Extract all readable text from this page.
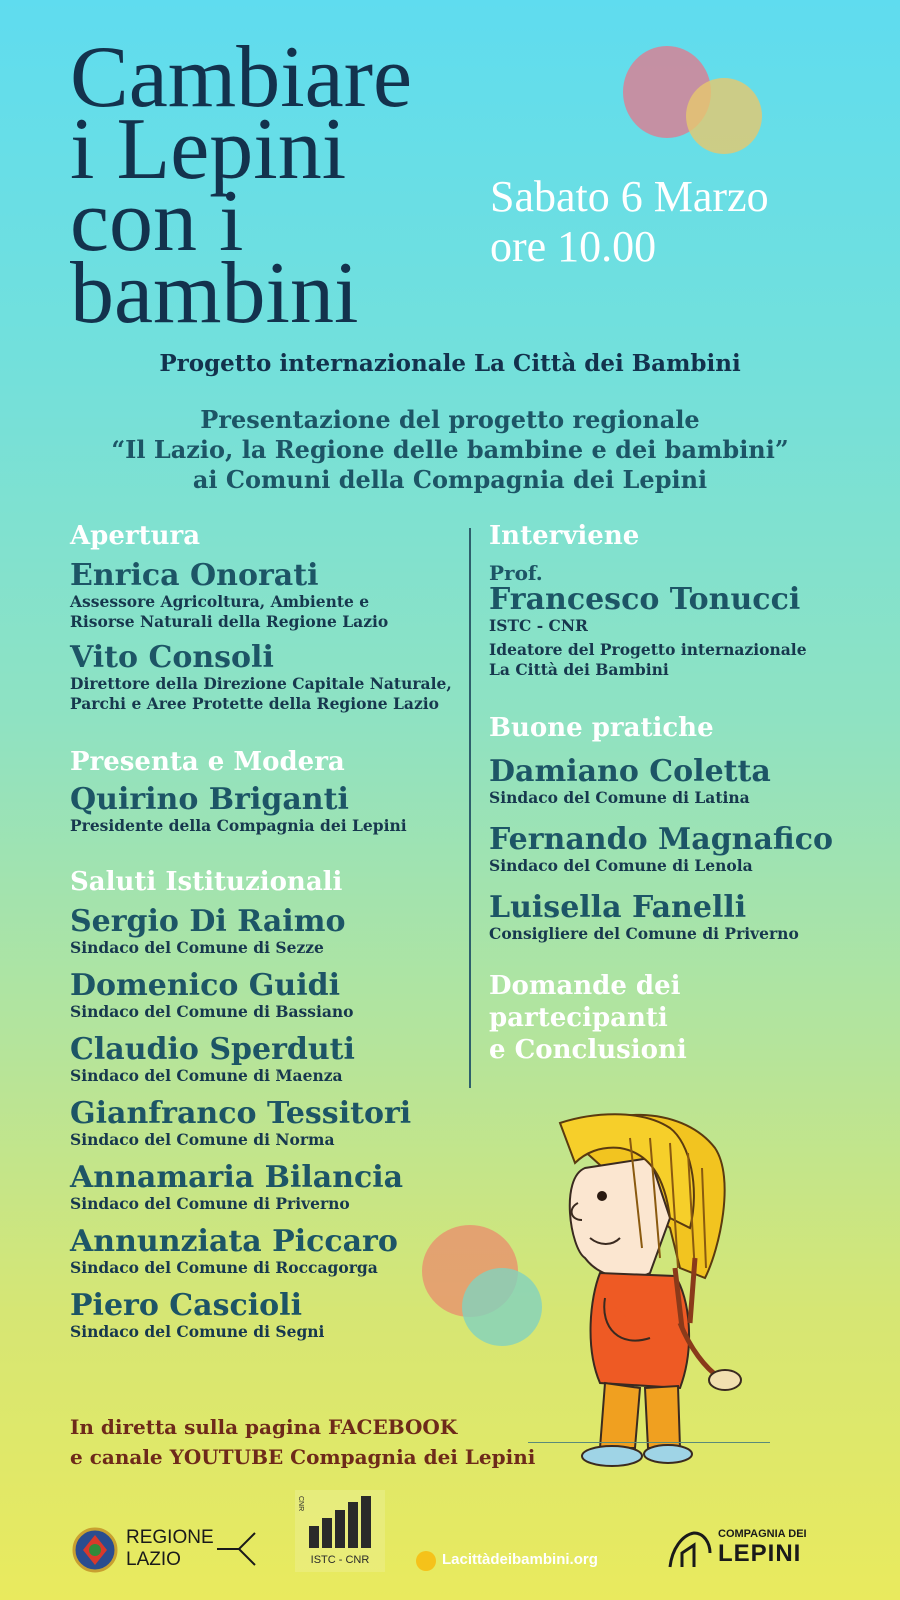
Cambiare
i Lepini
con i
bambini
Sabato 6 Marzo
ore 10.00
Progetto internazionale La Città dei Bambini
Presentazione del progetto regionale
“Il Lazio, la Regione delle bambine e dei bambini”
ai Comuni della Compagnia dei Lepini
Apertura
Enrica Onorati
Assessore Agricoltura, Ambiente e
Risorse Naturali della Regione Lazio
Vito Consoli
Direttore della Direzione Capitale Naturale,
Parchi e Aree Protette della Regione Lazio
Presenta e Modera
Quirino Briganti
Presidente della Compagnia dei Lepini
Saluti Istituzionali
Sergio Di Raimo
Sindaco del Comune di Sezze
Domenico Guidi
Sindaco del Comune di Bassiano
Claudio Sperduti
Sindaco del Comune di Maenza
Gianfranco Tessitori
Sindaco del Comune di Norma
Annamaria Bilancia
Sindaco del Comune di Priverno
Annunziata Piccaro
Sindaco del Comune di Roccagorga
Piero Cascioli
Sindaco del Comune di Segni
Interviene
Prof.
Francesco Tonucci
ISTC - CNR
Ideatore del Progetto internazionale
La Città dei Bambini
Buone pratiche
Damiano Coletta
Sindaco del Comune di Latina
Fernando Magnafico
Sindaco del Comune di Lenola
Luisella Fanelli
Consigliere del Comune di Priverno
Domande dei
partecipanti
e Conclusioni
In diretta sulla pagina FACEBOOK
e canale YOUTUBE Compagnia dei Lepini
REGIONE
LAZIO	ISTC - CNR
CNR
Lacittàdeibambini.org
COMPAGNIA DEI
LEPINI
